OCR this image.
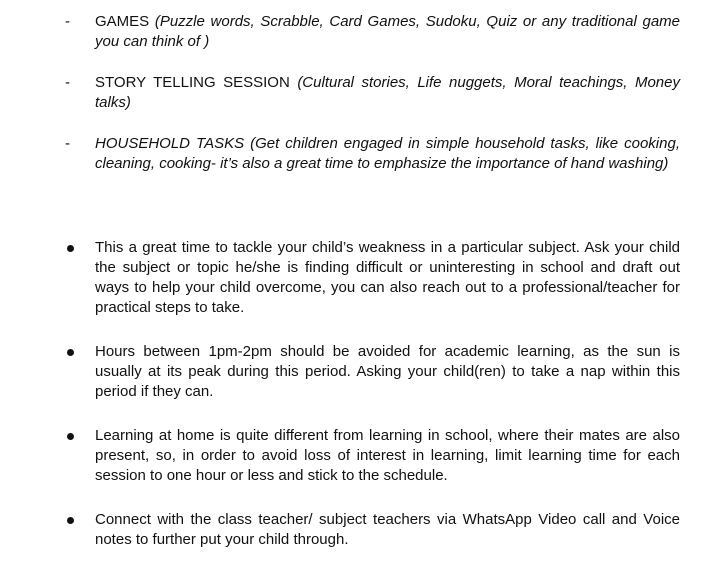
-	GAMES (Puzzle words, Scrabble, Card Games, Sudoku, Quiz or any traditional game you can think of )
-	STORY TELLING SESSION (Cultural stories, Life nuggets, Moral teachings, Money talks)
-	HOUSEHOLD TASKS (Get children engaged in simple household tasks, like cooking, cleaning, cooking- it’s also a great time to emphasize the importance of hand washing)
This a great time to tackle your child’s weakness in a particular subject. Ask your child the subject or topic he/she is finding difficult or uninteresting in school and draft out ways to help your child overcome, you can also reach out to a professional/teacher for practical steps to take.
Hours between 1pm-2pm should be avoided for academic learning, as the sun is usually at its peak during this period. Asking your child(ren) to take a nap within this period if they can.
Learning at home is quite different from learning in school, where their mates are also present, so, in order to avoid loss of interest in learning, limit learning time for each session to one hour or less and stick to the schedule.
Connect with the class teacher/ subject teachers via WhatsApp Video call and Voice notes to further put your child through.
